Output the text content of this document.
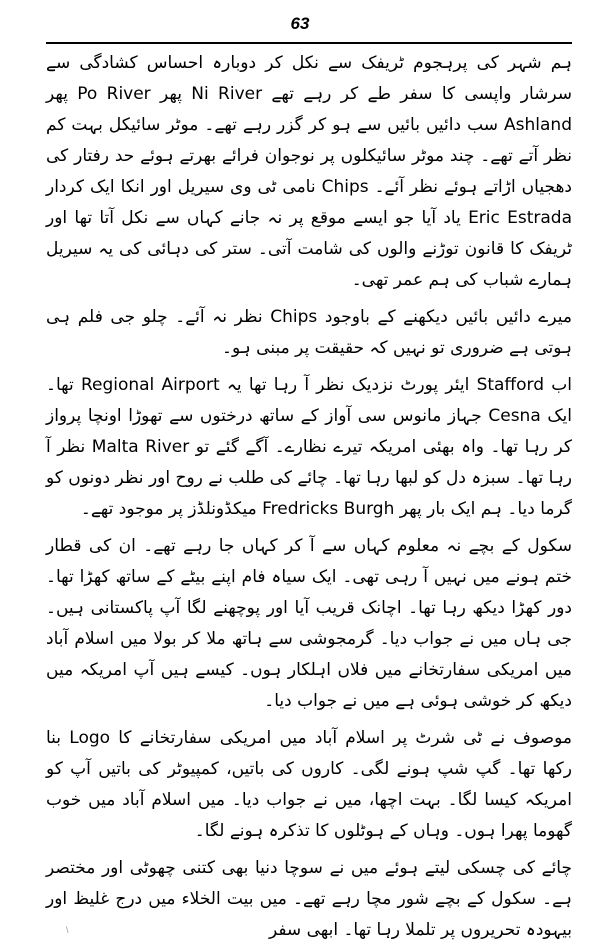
63

ہم شہر کی پرہجوم ٹریفک سے نکل کر دوبارہ احساس کشادگی سے سرشار واپسی کا سفر طے کر رہے تھے Ni River پھر Po River پھر Ashland سب دائیں بائیں سے ہو کر گزر رہے تھے۔ موٹر سائیکل بہت کم نظر آتے تھے۔ چند موٹر سائیکلوں پر نوجوان فرائے بھرتے ہوئے حد رفتار کی دھجیاں اڑاتے ہوئے نظر آئے۔ Chips نامی ٹی وی سیریل اور انکا ایک کردار Eric Estrada یاد آیا جو ایسے موقع پر نہ جانے کہاں سے نکل آتا تھا اور ٹریفک کا قانون توڑنے والوں کی شامت آتی۔ ستر کی دہائی کی یہ سیریل ہمارے شباب کی ہم عمر تھی۔

میرے دائیں بائیں دیکھنے کے باوجود Chips نظر نہ آئے۔ چلو جی فلم ہی ہوتی ہے ضروری تو نہیں کہ حقیقت پر مبنی ہو۔

اب Stafford ایئر پورٹ نزدیک نظر آ رہا تھا یہ Regional Airport تھا۔ ایک Cesna جہاز مانوس سی آواز کے ساتھ درختوں سے تھوڑا اونچا پرواز کر رہا تھا۔ واہ بھئی امریکہ تیرے نظارے۔ آگے گئے تو Malta River نظر آ رہا تھا۔ سبزہ دل کو لبھا رہا تھا۔ چائے کی طلب نے روح اور نظر دونوں کو گرما دیا۔ ہم ایک بار پھر Fredricks Burgh میکڈونلڈز پر موجود تھے۔

سکول کے بچے نہ معلوم کہاں سے آ کر کہاں جا رہے تھے۔ ان کی قطار ختم ہونے میں نہیں آ رہی تھی۔ ایک سیاہ فام اپنے بیٹے کے ساتھ کھڑا تھا۔ دور کھڑا دیکھ رہا تھا۔ اچانک قریب آیا اور پوچھنے لگا آپ پاکستانی ہیں۔ جی ہاں میں نے جواب دیا۔ گرمجوشی سے ہاتھ ملا کر بولا میں اسلام آباد میں امریکی سفارتخانے میں فلاں اہلکار ہوں۔ کیسے ہیں آپ امریکہ میں دیکھ کر خوشی ہوئی ہے میں نے جواب دیا۔

موصوف نے ٹی شرٹ پر اسلام آباد میں امریکی سفارتخانے کا Logo بنا رکھا تھا۔ گپ شپ ہونے لگی۔ کاروں کی باتیں، کمپیوٹر کی باتیں آپ کو امریکہ کیسا لگا۔ بہت اچھا، میں نے جواب دیا۔ میں اسلام آباد میں خوب گھوما پھرا ہوں۔ وہاں کے ہوٹلوں کا تذکرہ ہونے لگا۔

چائے کی چسکی لیتے ہوئے میں نے سوچا دنیا بھی کتنی چھوٹی اور مختصر ہے۔ سکول کے بچے شور مچا رہے تھے۔ میں بیت الخلاء میں درج غلیظ اور بیہودہ تحریروں پر تلملا رہا تھا۔ ابھی سفر

\
